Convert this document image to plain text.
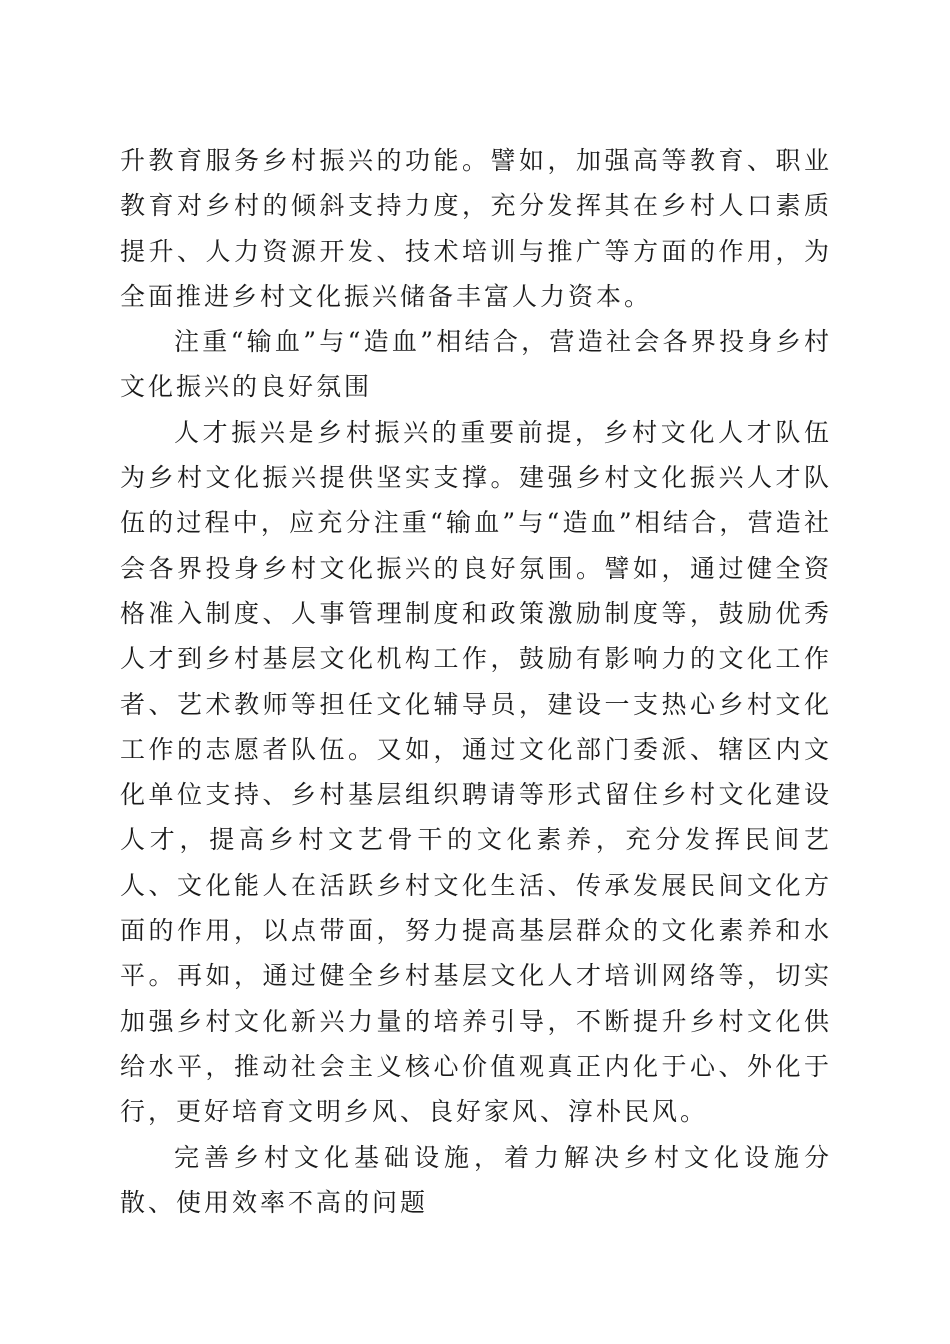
升教育服务乡村振兴的功能。譬如，加强高等教育、职业教育对乡村的倾斜支持力度，充分发挥其在乡村人口素质提升、人力资源开发、技术培训与推广等方面的作用，为全面推进乡村文化振兴储备丰富人力资本。

注重“输血”与“造血”相结合，营造社会各界投身乡村文化振兴的良好氛围

人才振兴是乡村振兴的重要前提，乡村文化人才队伍为乡村文化振兴提供坚实支撑。建强乡村文化振兴人才队伍的过程中，应充分注重“输血”与“造血”相结合，营造社会各界投身乡村文化振兴的良好氛围。譬如，通过健全资格准入制度、人事管理制度和政策激励制度等，鼓励优秀人才到乡村基层文化机构工作，鼓励有影响力的文化工作者、艺术教师等担任文化辅导员，建设一支热心乡村文化工作的志愿者队伍。又如，通过文化部门委派、辖区内文化单位支持、乡村基层组织聘请等形式留住乡村文化建设人才，提高乡村文艺骨干的文化素养，充分发挥民间艺人、文化能人在活跃乡村文化生活、传承发展民间文化方面的作用，以点带面，努力提高基层群众的文化素养和水平。再如，通过健全乡村基层文化人才培训网络等，切实加强乡村文化新兴力量的培养引导，不断提升乡村文化供给水平，推动社会主义核心价值观真正内化于心、外化于行，更好培育文明乡风、良好家风、淳朴民风。

完善乡村文化基础设施，着力解决乡村文化设施分散、使用效率不高的问题
